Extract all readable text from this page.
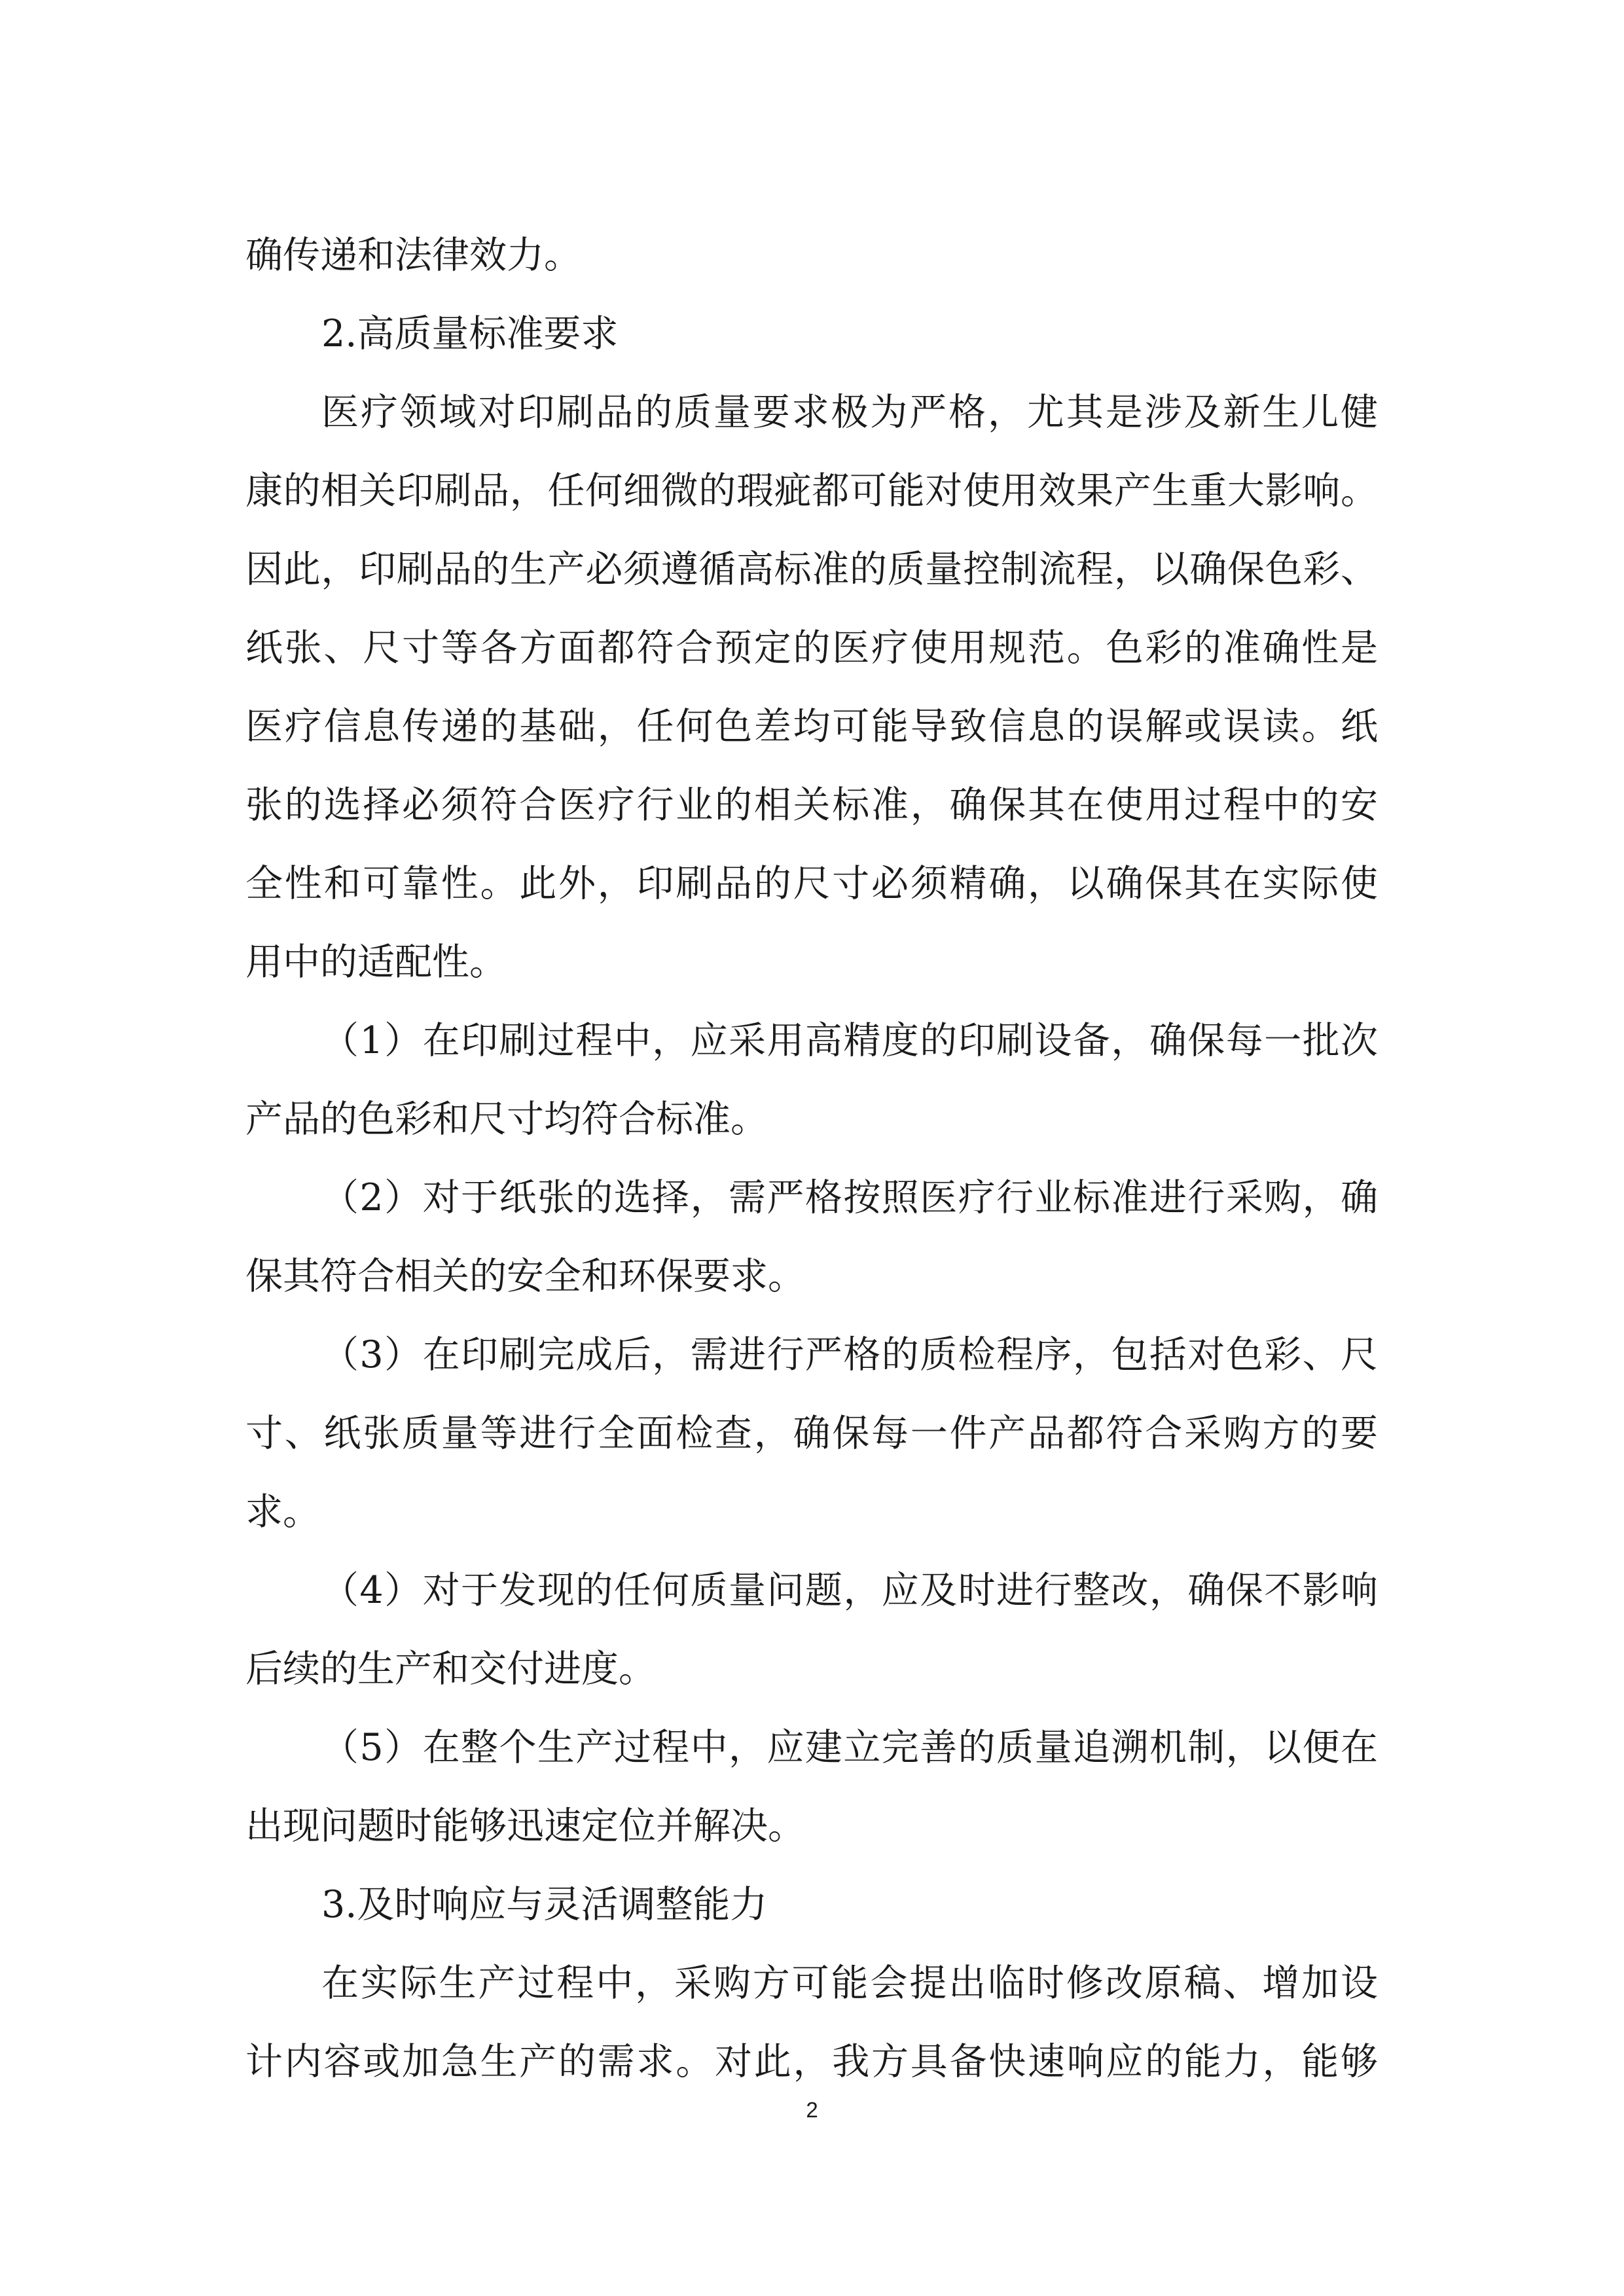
确传递和法律效力。
2.高质量标准要求
医疗领域对印刷品的质量要求极为严格，尤其是涉及新生儿健
康的相关印刷品，任何细微的瑕疵都可能对使用效果产生重大影响。
因此，印刷品的生产必须遵循高标准的质量控制流程，以确保色彩、
纸张、尺寸等各方面都符合预定的医疗使用规范。色彩的准确性是
医疗信息传递的基础，任何色差均可能导致信息的误解或误读。纸
张的选择必须符合医疗行业的相关标准，确保其在使用过程中的安
全性和可靠性。此外，印刷品的尺寸必须精确，以确保其在实际使
用中的适配性。
（1）在印刷过程中，应采用高精度的印刷设备，确保每一批次
产品的色彩和尺寸均符合标准。
（2）对于纸张的选择，需严格按照医疗行业标准进行采购，确
保其符合相关的安全和环保要求。
（3）在印刷完成后，需进行严格的质检程序，包括对色彩、尺
寸、纸张质量等进行全面检查，确保每一件产品都符合采购方的要
求。
（4）对于发现的任何质量问题，应及时进行整改，确保不影响
后续的生产和交付进度。
（5）在整个生产过程中，应建立完善的质量追溯机制，以便在
出现问题时能够迅速定位并解决。
3.及时响应与灵活调整能力
在实际生产过程中，采购方可能会提出临时修改原稿、增加设
计内容或加急生产的需求。对此，我方具备快速响应的能力，能够
2
